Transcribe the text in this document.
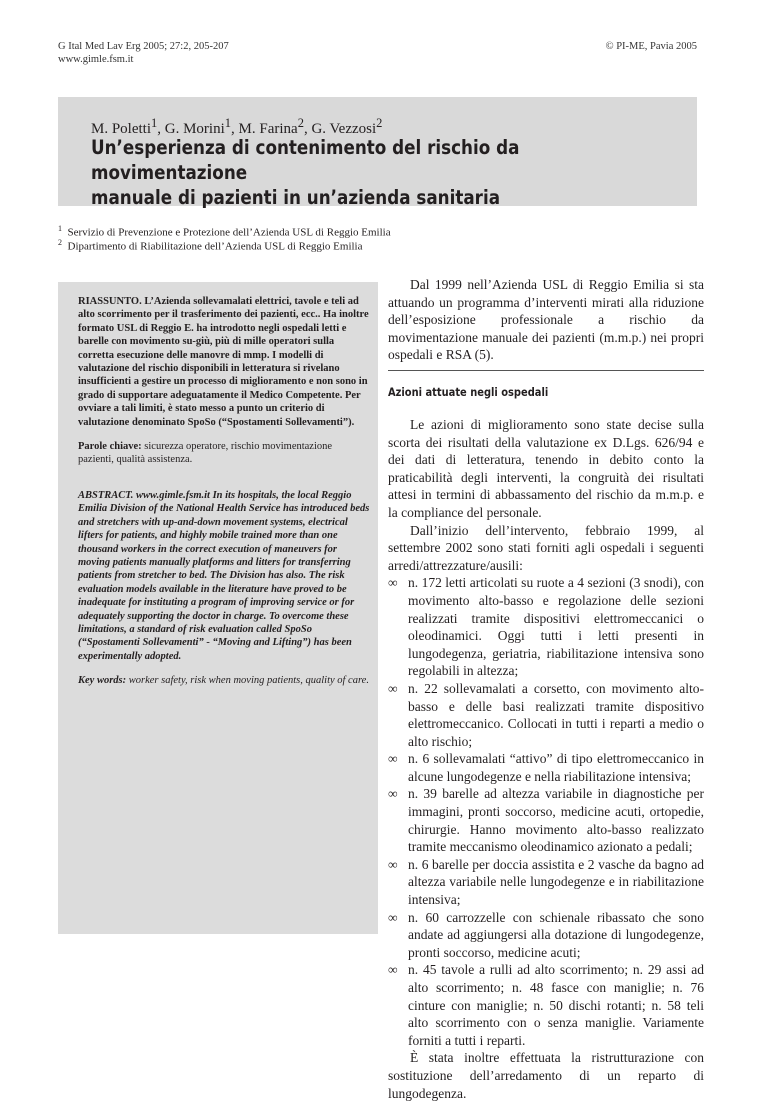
G Ital Med Lav Erg 2005; 27:2, 205-207
www.gimle.fsm.it
© PI-ME, Pavia 2005
M. Poletti$^1$, G. Morini$^1$, M. Farina$^2$, G. Vezzosi$^2$
Un’esperienza di contenimento del rischio da movimentazione
manuale di pazienti in un’azienda sanitaria
$^1$ Servizio di Prevenzione e Protezione dell’Azienda USL di Reggio Emilia
$^2$ Dipartimento di Riabilitazione dell’Azienda USL di Reggio Emilia

RIASSUNTO. L’Azienda sollevamalati elettrici, tavole e teli ad alto scorrimento per il trasferimento dei pazienti, ecc.. Ha inoltre formato USL di Reggio E. ha introdotto negli ospedali letti e barelle con movimento su-giù, più di mille operatori sulla corretta esecuzione delle manovre di mmp. I modelli di valutazione del rischio disponibili in letteratura si rivelano insufficienti a gestire un processo di miglioramento e non sono in grado di supportare adeguatamente il Medico Competente. Per ovviare a tali limiti, è stato messo a punto un criterio di valutazione denominato SpoSo (“Spostamenti Sollevamenti”).

Parole chiave: sicurezza operatore, rischio movimentazione pazienti, qualità assistenza.

ABSTRACT. www.gimle.fsm.it In its hospitals, the local Reggio Emilia Division of the National Health Service has introduced beds and stretchers with up-and-down movement systems, electrical lifters for patients, and highly mobile trained more than one thousand workers in the correct execution of maneuvers for moving patients manually platforms and litters for transferring patients from stretcher to bed. The Division has also. The risk evaluation models available in the literature have proved to be inadequate for instituting a program of improving service or for adequately supporting the doctor in charge. To overcome these limitations, a standard of risk evaluation called SpoSo (“Spostamenti Sollevamenti” - “Moving and Lifting”) has been experimentally adopted.

Key words: worker safety, risk when moving patients, quality of care.

Dal 1999 nell’Azienda USL di Reggio Emilia si sta attuando un programma d’interventi mirati alla riduzione dell’esposizione professionale a rischio da movimentazione manuale dei pazienti (m.m.p.) nei propri ospedali e RSA (5).

Azioni attuate negli ospedali

Le azioni di miglioramento sono state decise sulla scorta dei risultati della valutazione ex D.Lgs. 626/94 e dei dati di letteratura, tenendo in debito conto la praticabilità degli interventi, la congruità dei risultati attesi in termini di abbassamento del rischio da m.m.p. e la compliance del personale.

Dall’inizio dell’intervento, febbraio 1999, al settembre 2002 sono stati forniti agli ospedali i seguenti arredi/attrezzature/ausili:

∞ n. 172 letti articolati su ruote a 4 sezioni (3 snodi), con movimento alto-basso e regolazione delle sezioni realizzati tramite dispositivi elettromeccanici o oleodinamici. Oggi tutti i letti presenti in lungodegenza, geriatria, riabilitazione intensiva sono regolabili in altezza;
∞ n. 22 sollevamalati a corsetto, con movimento alto-basso e delle basi realizzati tramite dispositivo elettromeccanico. Collocati in tutti i reparti a medio o alto rischio;
∞ n. 6 sollevamalati “attivo” di tipo elettromeccanico in alcune lungodegenze e nella riabilitazione intensiva;
∞ n. 39 barelle ad altezza variabile in diagnostiche per immagini, pronti soccorso, medicine acuti, ortopedie, chirurgie. Hanno movimento alto-basso realizzato tramite meccanismo oleodinamico azionato a pedali;
∞ n. 6 barelle per doccia assistita e 2 vasche da bagno ad altezza variabile nelle lungodegenze e in riabilitazione intensiva;
∞ n. 60 carrozzelle con schienale ribassato che sono andate ad aggiungersi alla dotazione di lungodegenze, pronti soccorso, medicine acuti;
∞ n. 45 tavole a rulli ad alto scorrimento; n. 29 assi ad alto scorrimento; n. 48 fasce con maniglie; n. 76 cinture con maniglie; n. 50 dischi rotanti; n. 58 teli alto scorrimento con o senza maniglie. Variamente forniti a tutti i reparti.

È stata inoltre effettuata la ristrutturazione con sostituzione dell’arredamento di un reparto di lungodegenza.
